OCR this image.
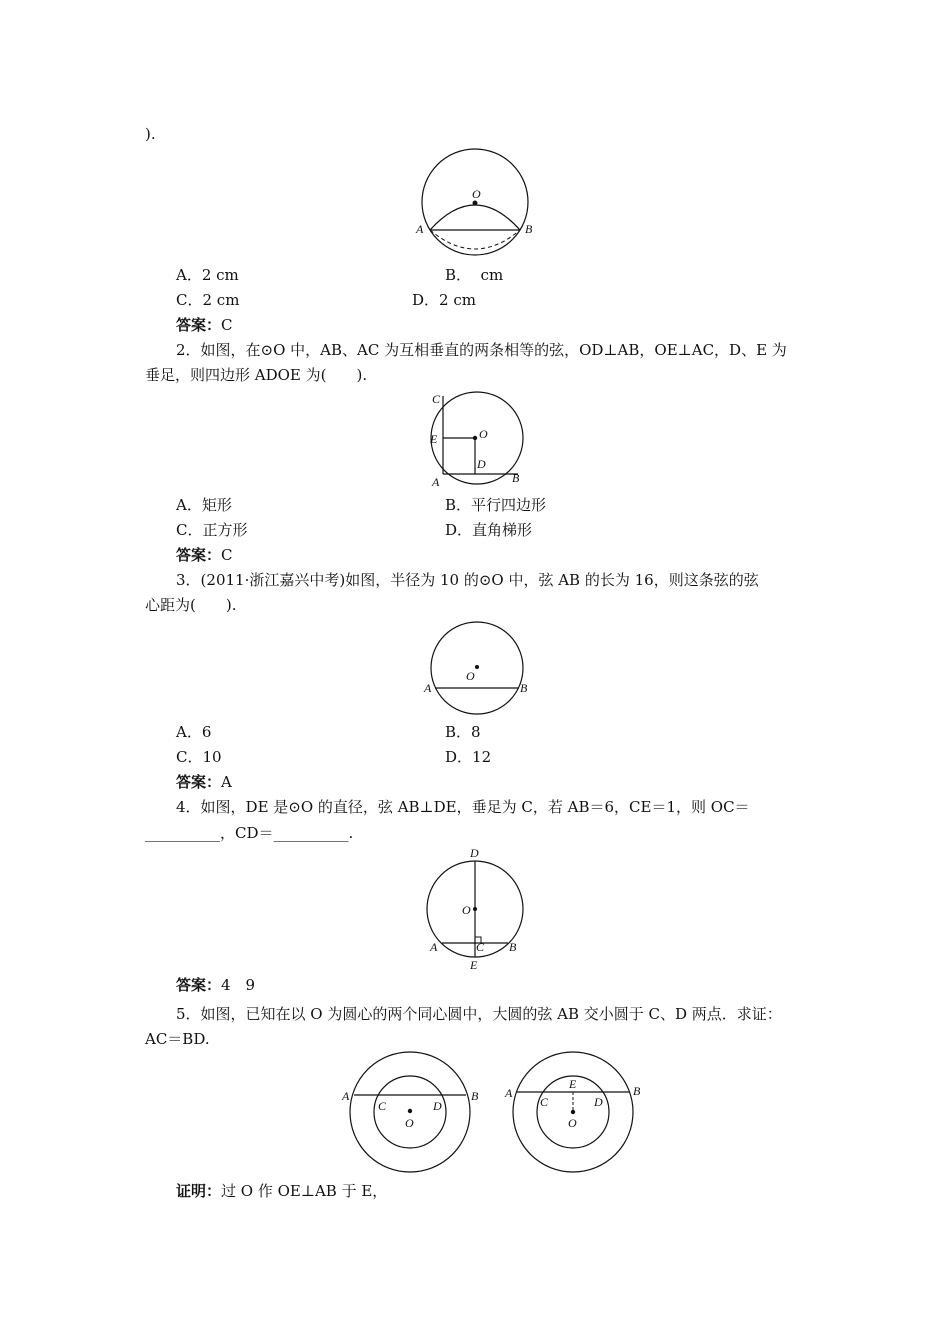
).
O
A	B
A．2 cm	B．  cm
C．2 cm	D．2 cm
答案：C
2．如图，在⊙O 中，AB、AC 为互相垂直的两条相等的弦，OD⊥AB，OE⊥AC，D、E 为
垂足，则四边形 ADOE 为(　　).
C
E	O
D
A	B
A．矩形	B．平行四边形
C．正方形	D．直角梯形
答案：C
3．(2011·浙江嘉兴中考)如图，半径为 10 的⊙O 中，弦 AB 的长为 16，则这条弦的弦
心距为(　　).
O
A	B
A．6	B．8
C．10	D．12
答案：A
4．如图，DE 是⊙O 的直径，弦 AB⊥DE，垂足为 C，若 AB＝6，CE＝1，则 OC＝
__________，CD＝__________.
D
O
A	C B
E
答案：4　9
5．如图，已知在以 O 为圆心的两个同心圆中，大圆的弦 AB 交小圆于 C、D 两点．求证：
AC＝BD.
A	B
C	D
O
A	B
C	D
E
O
证明：过 O 作 OE⊥AB 于 E，
